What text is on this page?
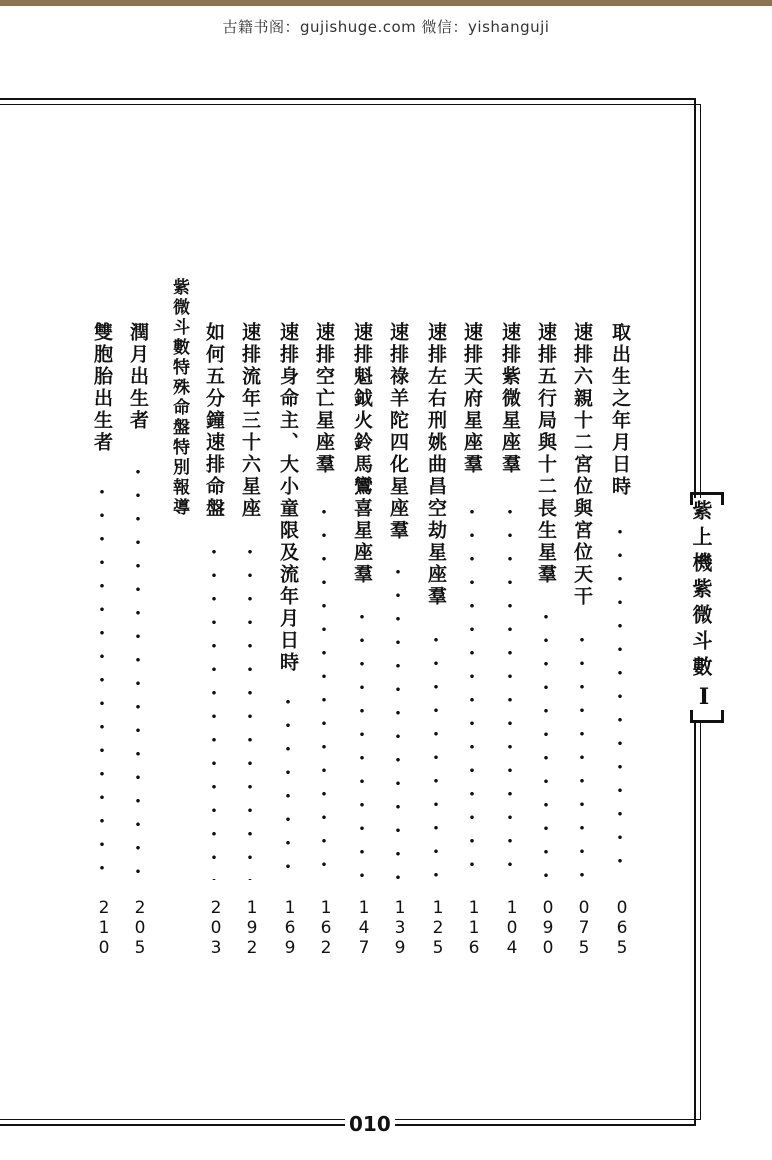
古籍书阁：gujishuge.com 微信：yishanguji
紫上機紫微斗數
I
取出生之年月日時
065
速排六親十二宮位與宮位天干
075
速排五行局與十二長生星羣
090
速排紫微星座羣
104
速排天府星座羣
116
速排左右刑姚曲昌空劫星座羣
125
速排祿羊陀四化星座羣
139
速排魁鉞火鈴馬鸞喜星座羣
147
速排空亡星座羣
162
速排身命主、大小童限及流年月日時
169
速排流年三十六星座
192
如何五分鐘速排命盤
203
紫微斗數特殊命盤特別報導
潤月出生者
205
雙胞胎出生者
210
010
